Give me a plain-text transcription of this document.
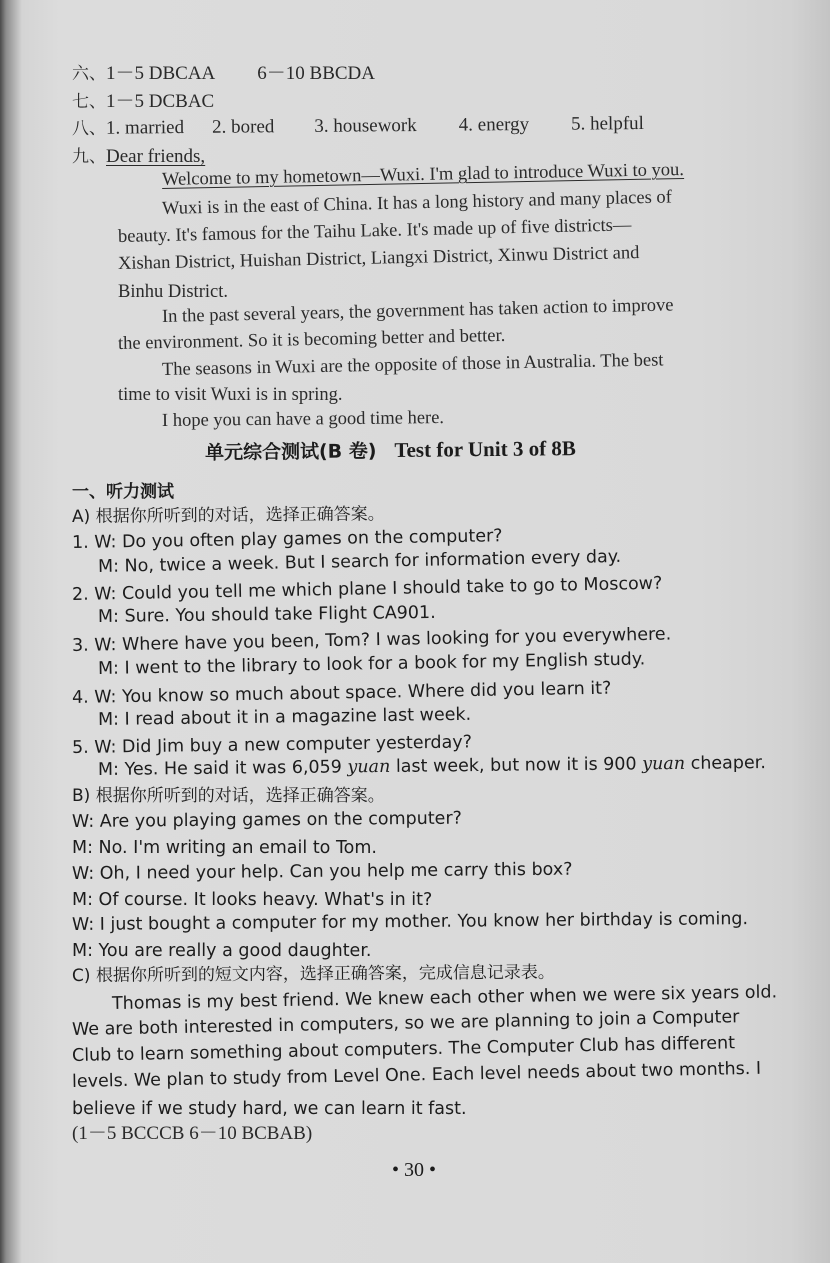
六、1－5 DBCAA 6－10 BBCDA
七、1－5 DCBAC
八、1. married 2. bored 3. housework 4. energy 5. helpful
九、Dear friends,
Welcome to my hometown—Wuxi. I'm glad to introduce Wuxi to you.
Wuxi is in the east of China. It has a long history and many places of
beauty. It's famous for the Taihu Lake. It's made up of five districts—
Xishan District, Huishan District, Liangxi District, Xinwu District and
Binhu District.
In the past several years, the government has taken action to improve
the environment. So it is becoming better and better.
The seasons in Wuxi are the opposite of those in Australia. The best
time to visit Wuxi is in spring.
I hope you can have a good time here.
单元综合测试(B 卷) Test for Unit 3 of 8B
一、听力测试
A) 根据你所听到的对话，选择正确答案。
1. W: Do you often play games on the computer?
M: No, twice a week. But I search for information every day.
2. W: Could you tell me which plane I should take to go to Moscow?
M: Sure. You should take Flight CA901.
3. W: Where have you been, Tom? I was looking for you everywhere.
M: I went to the library to look for a book for my English study.
4. W: You know so much about space. Where did you learn it?
M: I read about it in a magazine last week.
5. W: Did Jim buy a new computer yesterday?
M: Yes. He said it was 6,059 yuan last week, but now it is 900 yuan cheaper.
B) 根据你所听到的对话，选择正确答案。
W: Are you playing games on the computer?
M: No. I'm writing an email to Tom.
W: Oh, I need your help. Can you help me carry this box?
M: Of course. It looks heavy. What's in it?
W: I just bought a computer for my mother. You know her birthday is coming.
M: You are really a good daughter.
C) 根据你所听到的短文内容，选择正确答案，完成信息记录表。
Thomas is my best friend. We knew each other when we were six years old.
We are both interested in computers, so we are planning to join a Computer
Club to learn something about computers. The Computer Club has different
levels. We plan to study from Level One. Each level needs about two months. I
believe if we study hard, we can learn it fast.
(1－5 BCCCB 6－10 BCBAB)
• 30 •
